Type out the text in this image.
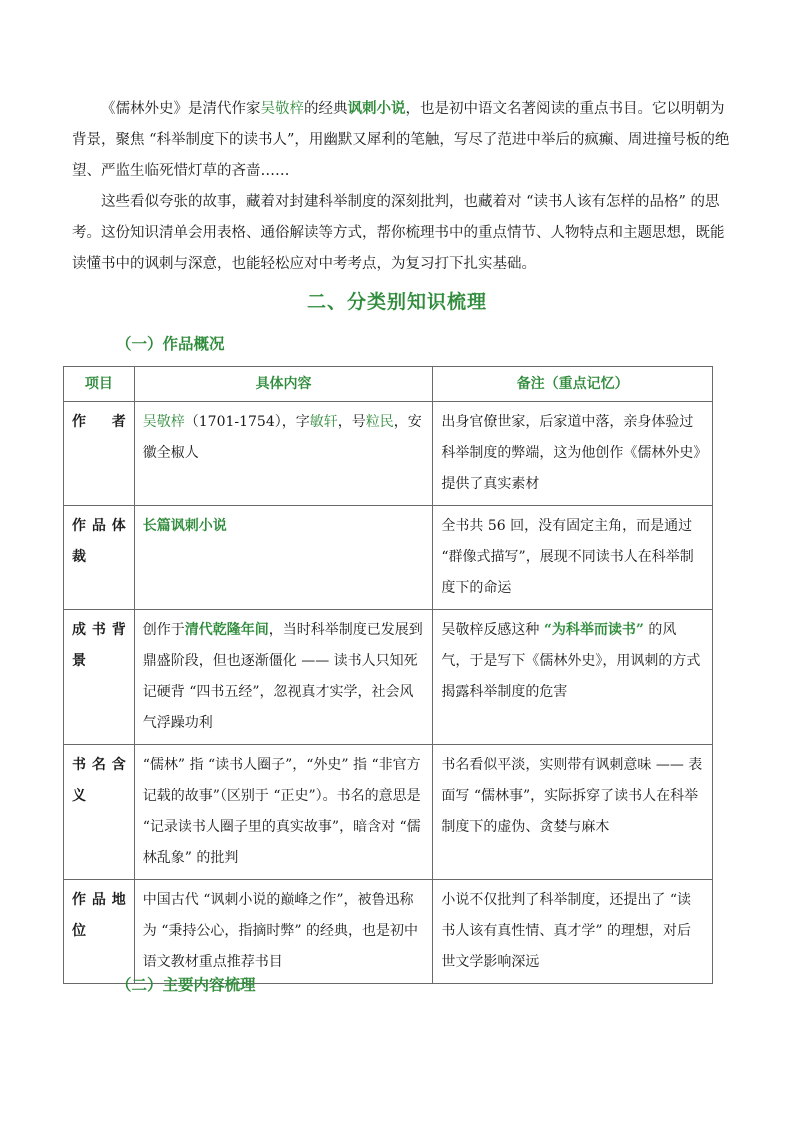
《儒林外史》是清代作家吴敬梓的经典讽刺小说，也是初中语文名著阅读的重点书目。它以明朝为背景，聚焦 “科举制度下的读书人”，用幽默又犀利的笔触，写尽了范进中举后的疯癫、周进撞号板的绝望、严监生临死惜灯草的吝啬……

这些看似夸张的故事，藏着对封建科举制度的深刻批判，也藏着对 “读书人该有怎样的品格” 的思考。这份知识清单会用表格、通俗解读等方式，帮你梳理书中的重点情节、人物特点和主题思想，既能读懂书中的讽刺与深意，也能轻松应对中考考点，为复习打下扎实基础。

二、分类别知识梳理
（一）作品概况
项目	具体内容	备注（重点记忆）
作者	吴敬梓（1701-1754），字敏轩，号粒民，安徽全椒人	出身官僚世家，后家道中落，亲身体验过科举制度的弊端，这为他创作《儒林外史》提供了真实素材
作品体裁	长篇讽刺小说	全书共 56 回，没有固定主角，而是通过 “群像式描写”，展现不同读书人在科举制度下的命运
成书背景	创作于清代乾隆年间，当时科举制度已发展到鼎盛阶段，但也逐渐僵化 —— 读书人只知死记硬背 “四书五经”，忽视真才实学，社会风气浮躁功利	吴敬梓反感这种 “为科举而读书” 的风气，于是写下《儒林外史》，用讽刺的方式揭露科举制度的危害
书名含义	“儒林” 指 “读书人圈子”，“外史” 指 “非官方记载的故事”（区别于 “正史”）。书名的意思是 “记录读书人圈子里的真实故事”，暗含对 “儒林乱象” 的批判	书名看似平淡，实则带有讽刺意味 —— 表面写 “儒林事”，实际拆穿了读书人在科举制度下的虚伪、贪婪与麻木
作品地位	中国古代 “讽刺小说的巅峰之作”，被鲁迅称为 “秉持公心，指摘时弊” 的经典，也是初中语文教材重点推荐书目	小说不仅批判了科举制度，还提出了 “读书人该有真性情、真才学” 的理想，对后世文学影响深远
（二）主要内容梳理
